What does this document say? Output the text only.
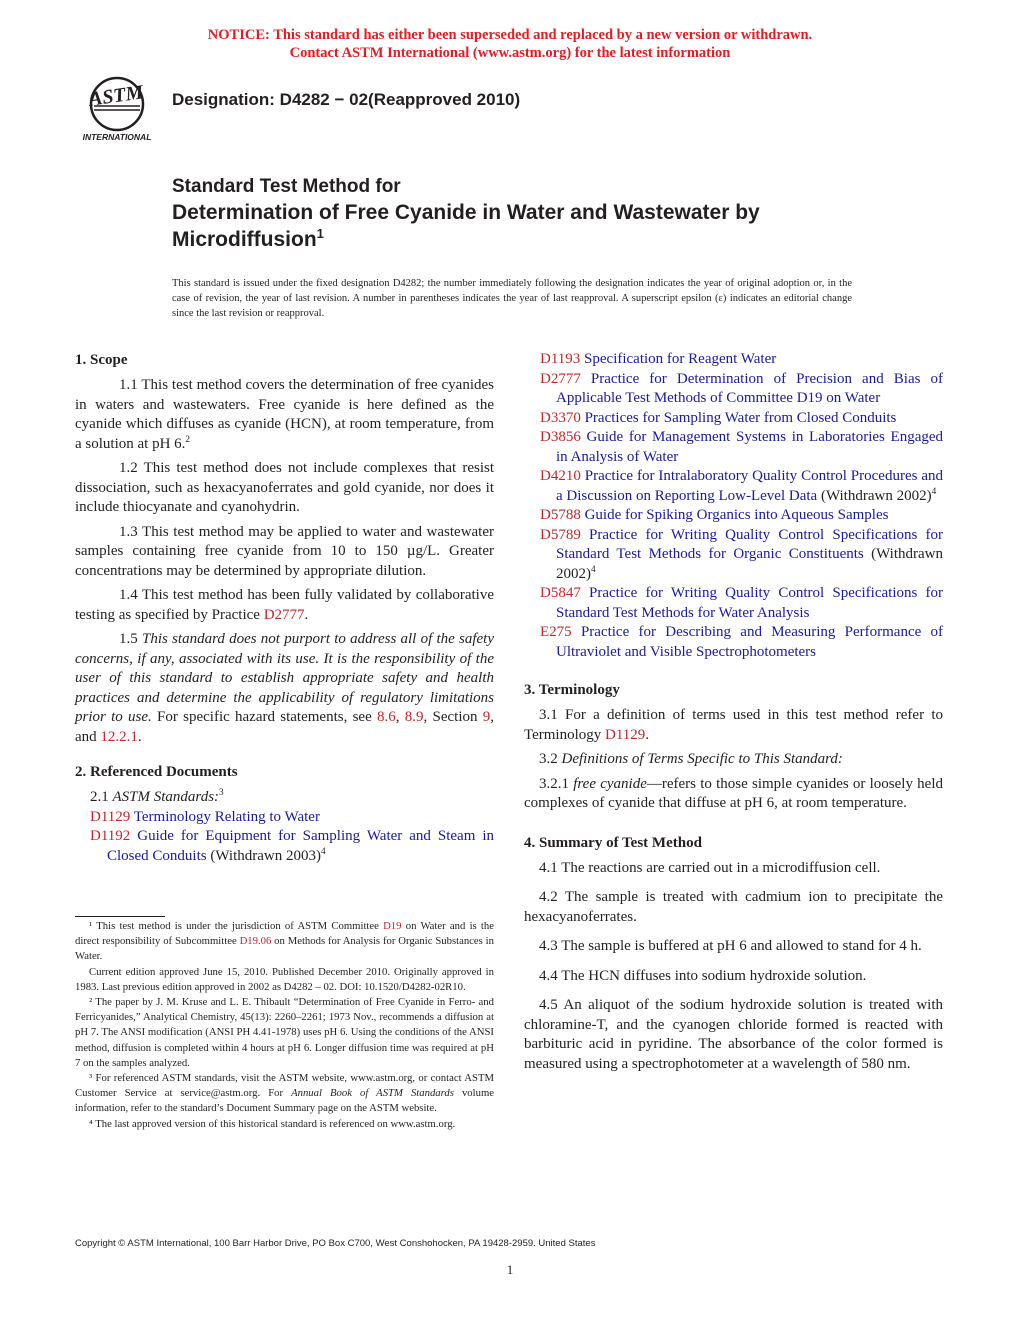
NOTICE: This standard has either been superseded and replaced by a new version or withdrawn.
Contact ASTM International (www.astm.org) for the latest information
ASTM
INTERNATIONAL
Designation: D4282 − 02(Reapproved 2010)
Standard Test Method for
Determination of Free Cyanide in Water and Wastewater by Microdiffusion$^1$
This standard is issued under the fixed designation D4282; the number immediately following the designation indicates the year of original adoption or, in the case of revision, the year of last revision. A number in parentheses indicates the year of last reapproval. A superscript epsilon (ε) indicates an editorial change since the last revision or reapproval.
1. Scope

1.1 This test method covers the determination of free cyanides in waters and wastewaters. Free cyanide is here defined as the cyanide which diffuses as cyanide (HCN), at room temperature, from a solution at pH 6.$^2$

1.2 This test method does not include complexes that resist dissociation, such as hexacyanoferrates and gold cyanide, nor does it include thiocyanate and cyanohydrin.

1.3 This test method may be applied to water and wastewater samples containing free cyanide from 10 to 150 µg/L. Greater concentrations may be determined by appropriate dilution.

1.4 This test method has been fully validated by collaborative testing as specified by Practice D2777.

1.5 This standard does not purport to address all of the safety concerns, if any, associated with its use. It is the responsibility of the user of this standard to establish appropriate safety and health practices and determine the applicability of regulatory limitations prior to use. For specific hazard statements, see 8.6, 8.9, Section 9, and 12.2.1.

2. Referenced Documents

2.1 ASTM Standards:$^3$

D1129 Terminology Relating to Water
D1192 Guide for Equipment for Sampling Water and Steam in Closed Conduits (Withdrawn 2003)$^4$

¹ This test method is under the jurisdiction of ASTM Committee D19 on Water and is the direct responsibility of Subcommittee D19.06 on Methods for Analysis for Organic Substances in Water.

Current edition approved June 15, 2010. Published December 2010. Originally approved in 1983. Last previous edition approved in 2002 as D4282 – 02. DOI: 10.1520/D4282-02R10.

² The paper by J. M. Kruse and L. E. Thibault “Determination of Free Cyanide in Ferro- and Ferricyanides,” Analytical Chemistry, 45(13): 2260–2261; 1973 Nov., recommends a diffusion at pH 7. The ANSI modification (ANSI PH 4.41-1978) uses pH 6. Using the conditions of the ANSI method, diffusion is completed within 4 hours at pH 6. Longer diffusion time was required at pH 7 on the samples analyzed.

³ For referenced ASTM standards, visit the ASTM website, www.astm.org, or contact ASTM Customer Service at service@astm.org. For Annual Book of ASTM Standards volume information, refer to the standard’s Document Summary page on the ASTM website.

⁴ The last approved version of this historical standard is referenced on www.astm.org.

D1193 Specification for Reagent Water
D2777 Practice for Determination of Precision and Bias of Applicable Test Methods of Committee D19 on Water
D3370 Practices for Sampling Water from Closed Conduits
D3856 Guide for Management Systems in Laboratories Engaged in Analysis of Water
D4210 Practice for Intralaboratory Quality Control Procedures and a Discussion on Reporting Low-Level Data (Withdrawn 2002)$^4$
D5788 Guide for Spiking Organics into Aqueous Samples
D5789 Practice for Writing Quality Control Specifications for Standard Test Methods for Organic Constituents (Withdrawn 2002)$^4$
D5847 Practice for Writing Quality Control Specifications for Standard Test Methods for Water Analysis
E275 Practice for Describing and Measuring Performance of Ultraviolet and Visible Spectrophotometers
3. Terminology

3.1 For a definition of terms used in this test method refer to Terminology D1129.

3.2 Definitions of Terms Specific to This Standard:

3.2.1 free cyanide—refers to those simple cyanides or loosely held complexes of cyanide that diffuse at pH 6, at room temperature.

4. Summary of Test Method

4.1 The reactions are carried out in a microdiffusion cell.

4.2 The sample is treated with cadmium ion to precipitate the hexacyanoferrates.

4.3 The sample is buffered at pH 6 and allowed to stand for 4 h.

4.4 The HCN diffuses into sodium hydroxide solution.

4.5 An aliquot of the sodium hydroxide solution is treated with chloramine-T, and the cyanogen chloride formed is reacted with barbituric acid in pyridine. The absorbance of the color formed is measured using a spectrophotometer at a wavelength of 580 nm.

Copyright © ASTM International, 100 Barr Harbor Drive, PO Box C700, West Conshohocken, PA 19428-2959. United States
1
